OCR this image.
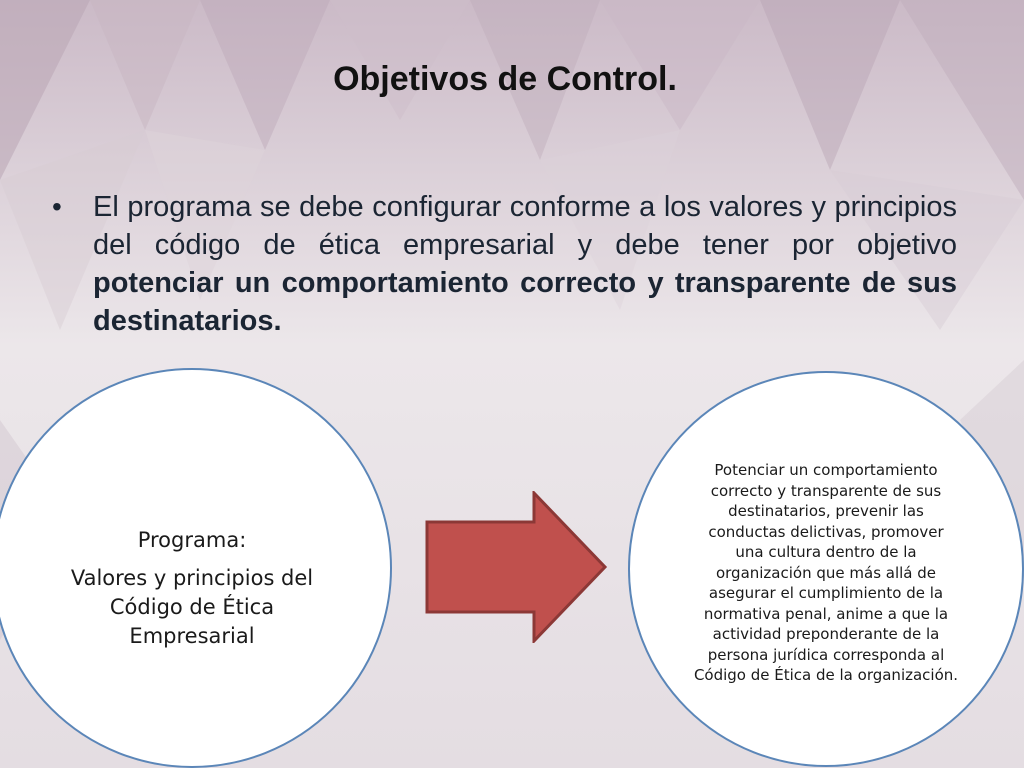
Objetivos de Control.
• El programa se debe configurar conforme a los valores y principios del código de ética empresarial y debe tener por objetivo potenciar un comportamiento correcto y transparente de sus destinatarios.
Programa:
Valores y principios del Código de Ética Empresarial
Potenciar un comportamiento correcto y transparente de sus destinatarios, prevenir las conductas delictivas, promover una cultura dentro de la organización que más allá de asegurar el cumplimiento de la normativa penal, anime a que la actividad preponderante de la persona jurídica corresponda al Código de Ética de la organización.
